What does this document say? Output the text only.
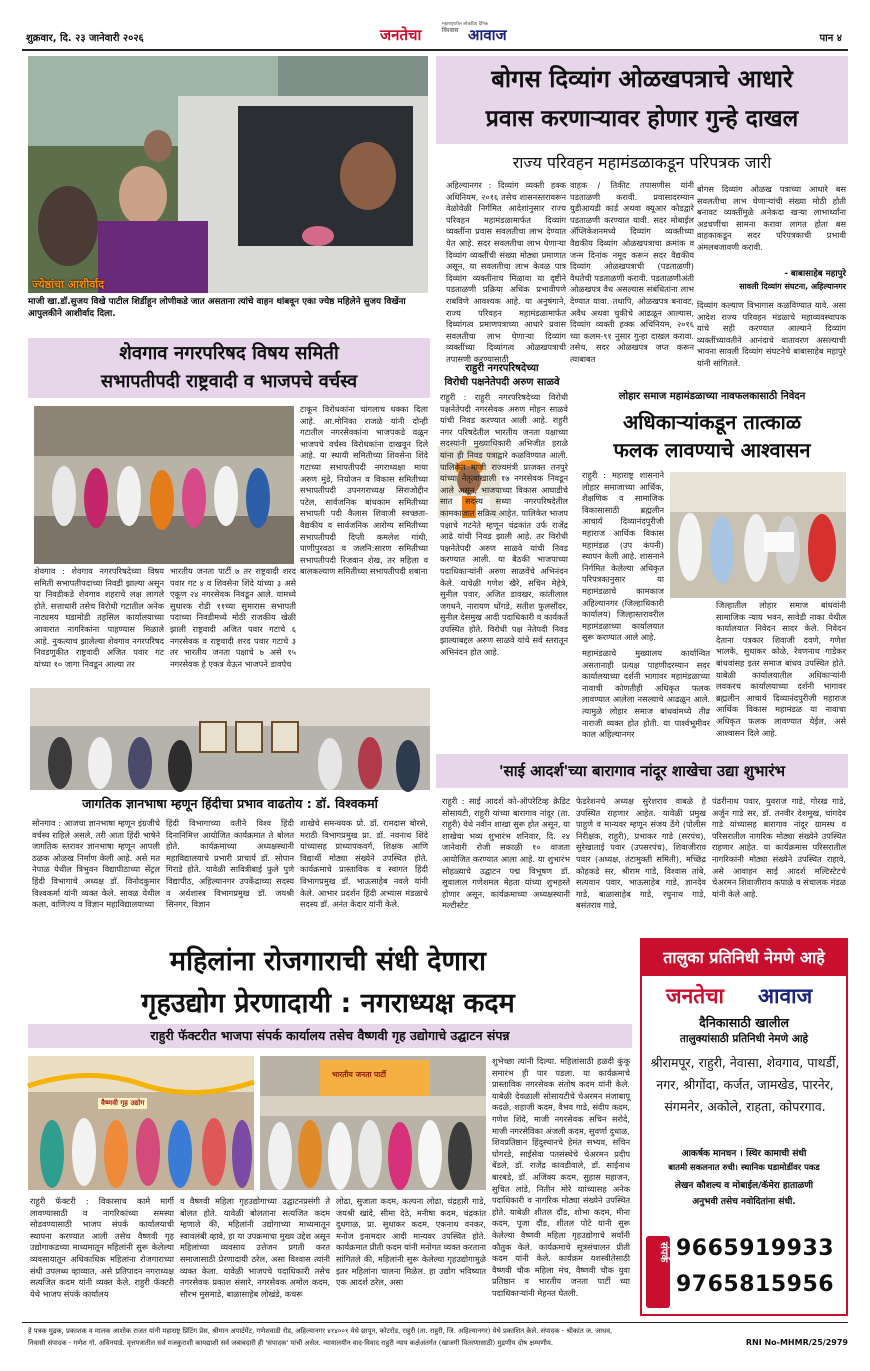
शुक्रवार, दि. २३ जानेवारी २०२६	जनतेचा	विश्वास आवाज
महाराष्ट्रातील लोकप्रिय दैनिक
पान ४
ज्येष्ठांचा आशीर्वाद
माजी खा.डॉ.सुजय विखे पाटील शिर्डीहून लोणीकडे जात असताना त्यांचे वाहन थांबवून एका ज्येष्ठ महिलेने सुजय विखेंना आपुलकीने आशीर्वाद दिला.
बोगस दिव्यांग ओळखपत्राचे आधारे
प्रवास करणाऱ्यावर होणार गुन्हे दाखल
राज्य परिवहन महामंडळाकडून परिपत्रक जारी
अहिल्यानगर : दिव्यांग व्यक्ती हक्क अधिनियम, २०१६ तसेच शासनस्तरावरून वेळोवेळी निर्गमित आदेशांनुसार राज्य परिवहन महामंडळामार्फत दिव्यांग व्यक्तींना प्रवास सवलतीचा लाभ देण्यात येत आहे. सदर सवलतीचा लाभ घेणाऱ्या दिव्यांग व्यक्तींची संख्या मोठ्या प्रमाणात असून, या सवलतीचा लाभ केवळ पात्र दिव्यांग व्यक्तींनाच मिळावा या दृष्टीने पडताळणी प्रक्रिया अधिक प्रभावीपणे राबविणे आवश्यक आहे. या अनुषंगाने, राज्य परिवहन महामंडळामार्फत दिव्यांगत्व प्रमाणपत्राच्या आधारे प्रवास सवलतीचा लाभ घेणाऱ्या दिव्यांग व्यक्तींच्या दिव्यांगत्व ओळखपत्राची तपासणी करण्यासाठी
वाहक / तिकीट तपासणीस यांनी पडताळणी करावी. प्रवासादरम्यान युडीआयडी कार्ड अथवा क्यूआर कोडद्वारे पडताळणी करण्यात यावी. सदर मोबाईल अ‍ॅप्लिकेशनमध्ये दिव्यांग व्यक्तीच्या वैद्यकीय दिव्यांग ओळखपत्राचा क्रमांक व जन्म दिनांक नमूद करून सदर वैद्यकीय दिव्यांग ओळखपत्राची (पडताळणी) वैधतेची पडताळणी करावी. पडताळणीअंती ओळखपत्र वैध असल्यास संबंधितांना लाभ देण्यात यावा. तथापि, ओळखपत्र बनावट, अवैध अथवा चुकीचे आढळून आल्यास, दिव्यांग व्यक्ती हक्क अधिनियम, २०१६ च्या कलम-९१ नुसार गुन्हा दाखल करावा. तसेच, सदर ओळखपत्र जप्त करून त्याबाबत
बोगस दिव्यांग ओळख पत्राच्या आधारे बस सवलतीचा लाभ घेणाऱ्यांची संख्या मोठी होती बनावट व्यक्तींमुळे अनेकदा खऱ्या लाभार्थ्यांना अडचणींचा सामना करावा लागत होता बस वाहकाकडून सदर परिपत्रकाची प्रभावी अंमलबजावणी करावी.
- बाबासाहेब महापुरे
सावली दिव्यांग संघटना, अहिल्यानगर
दिव्यांग कल्याण विभागास कळविण्यात यावे. असा आदेश राज्य परिवहन मंडळाचे महाव्यवस्थापक यांचे सही करण्यात आल्याने दिव्यांग व्यक्तींच्यावतीने आनंदाचे वातावरण असल्याची भावना सावली दिव्यांग संघटनेचे बाबासाहेब महापुरे यांनी सांगितले.
शेवगाव नगरपरिषद विषय समिती
सभापतीपदी राष्ट्रवादी व भाजपचे वर्चस्व
टाकून विरोधकांना चांगलाच धक्का दिला आहे. आ.मोनिका राजळे यांनी दोन्ही गटातील नगरसेवकांना भाजपकडे वळून भाजपचे वर्चस्व विरोधकांना दाखवून दिले आहे. या स्थायी समितीच्या शिवसेना शिंदे गटाच्या सभापतीपदी नगराध्यक्षा माया अरुण मुंडे, नियोजन व विकास समितीच्या सभापतीपदी उपनगराध्यक्ष सिराजोद्दीन पटेल, सार्वजनिक बांधकाम समितीच्या सभापती पदी कैलास शिवाजी स्वच्छता-वैद्यकीय व सार्वजनिक आरोग्य समितीच्या सभापतीपदी दिप्ती कमलेश गांधी, पाणीपुरवठा व जलनि:सारण समितीच्या सभापतीपदी रिजवान शेख, तर महिला व बालकल्याण समितीच्या सभापतीपदी शबाना
शेवगाव : शेवगाव नगरपरिषदेच्या विषय समिती सभापतीपदाच्या निवडी झाल्या असून या निवडीकडे शेवगाव शहराचे लक्ष लागले होते. सत्ताधारी तसेच विरोधी गटातील अनेक नाट्यमय घडामोडी तहसिल कार्यालयाच्या आवारात नागरिकांना पाहण्यास मिळाले आहे. नुकत्याच झालेल्या शेवगाव नगरपरिषद निवडणुकीत राष्ट्रवादी अजित पवार गट यांच्या १० जागा निवडून आल्या तर
भारतीय जनता पार्टी ७ तर राष्ट्रवादी शरद पवार गट ४ व शिवसेना शिंदे यांच्या ३ असे एकूण २४ नगरसेवक निवडून आले. यामध्ये सुधारक रोडी ११च्या सुमारास सभापती पदाच्या निवडीमध्ये मोठी राजकीय खेळी झाली राष्ट्रवादी अजित पवार गटाचे ६ नगरसेवक व राष्ट्रवादी शरद पवार गटाचे ३ तर भारतीय जनता पक्षाचे ७ असे १५ नगरसेवक हे एकत्र येऊन भाजपने डावपेच
राहुरी नगरपरिषदेच्या
विरोधी पक्षनेतेपदी अरुण साळवे
राहुरी : राहुरी नगरपरिषदेच्या विरोधी पक्षनेतेपदी नगरसेवक अरुण मोहन साळवे यांची निवड करण्यात आली आहे. राहुरी नगर परिषदेतील भारतीय जनता पक्षाच्या सदस्यांनी मुख्याधिकारी अभिजीत हराळे यांना ही निवड पत्राद्वारे कळविण्यात आली. पालिकेत माजी राज्यमंत्री प्राजक्त तनपुरे यांच्या नेतृत्वाखाली १७ नगरसेवक निवडून आले असून, भाजपाच्या विकास आघाडीचे सात सदस्य सध्या नगरपरिषदेतील कामकाजात सक्रिय आहेत. पालिकेत भाजप पक्षाचे गटनेते म्हणून चंद्रकांत उर्फ राजेंद्र आढे यांची निवड झाली आहे. तर विरोधी पक्षनेतेपदी अरुण साळवे यांची निवड करण्यात आली. या बैठकी भाजपाच्या पदाधिकाऱ्यांनी अरुण साळवेंचे अभिनंदन केले. याचेळी गणेश खैरे, सचिन मेहेत्रे, सुनील पवार, अजित डावखर, कांतीलाल जगधने, नारायण धोंगडे, सतीश फुलसौंदर, सुनील देसमुख आदी पदाधिकारी व कार्यकर्ते उपस्थित होते. विरोधी पक्ष नेतेपदी निवड झाल्याबद्दल अरुण साळवे यांचे सर्व स्तरातून अभिनंदन होत आहे.
लोहार समाज महामंडळाच्या नावफलकासाठी निवेदन
अधिकाऱ्यांकडून तात्काळ
फलक लावण्याचे आश्वासन
राहुरी : महाराष्ट्र शासनाने लोहार समाजाच्या आर्थिक, शैक्षणिक व सामाजिक विकासासाठी ब्रह्मलीन आचार्य दिव्यानंदपुरीजी महाराज आर्थिक विकास महामंडळ (उप कंपनी) स्थापन केली आहे. शासनाने निर्गमित केलेल्या अधिकृत परिपत्रकानुसार या महामंडळाचे कामकाज अहिल्यानगर (जिल्हाधिकारी कार्यालय) जिल्हास्तरावरील महामंडळाच्या कार्यालयात सुरू करण्यात आले आहे.
महामंडळाचे मुख्यालय कार्यान्वित असतानाही प्रत्यक्ष पाहणीदरम्यान सदर कार्यालयाच्या दर्शनी भागावर महामंडळाच्या नावाची कोणतीही अधिकृत फलक लावण्यात आलेला नसल्याचे आढळून आले. त्यामुळे लोहार समाज बांधवांमध्ये तीव्र नाराजी व्यक्त होत होती. या पार्श्वभूमीवर काल अहिल्यानगर
जिल्हातील लोहार समाज बांधवांनी सामाजिक न्याय भवन, सावेडी नाका येथील कार्यालयात निवेदन सादर केले. निवेदन देताना पत्रकार शिवाजी दवणे, गणेश भालके, सुधाकर कोळे, रेवणनाथ गाडेकर बांधवांसह इतर समाज बांधव उपस्थित होते. याबेळी कार्यालयातील अधिकाऱ्यांनी लवकरच कार्यालयाच्या दर्शनी भागावर ब्रह्मलीन आचार्य दिव्यानंदपुरीजी महाराज आर्थिक विकास महामंडळ या नावाचा अधिकृत फलक लावण्यात येईल, असे आश्वासन दिले आहे.
जागतिक ज्ञानभाषा म्हणून हिंदीचा प्रभाव वाढतोय : डॉ. विश्वकर्मा
सोनगाव : आजचा ज्ञानभाषा म्हणून इंग्रजीचे वर्चस्व राहिले असले, तरी आता हिंदी भाषेने जागतिक स्तरावर ज्ञानभाषा म्हणून आपली ठळक ओळख निर्माण केली आहे. असे मत नेपाळ येथील त्रिभुवन विद्यापीठाच्या सेंट्रल हिंदी विभागाचे अध्यक्ष डॉ. विनोदकुमार विश्वकर्मा यांनी व्यक्त केले. सावळ येथील कला, वाणिज्य व विज्ञान महाविद्यालयाच्या
हिंदी विभागाच्या वतीने विश्व हिंदी दिनानिमित्त आयोजित कार्यक्रमात ते बोलत होते. कार्यक्रमाच्या अध्यक्षस्थानी महाविद्यालयाचे प्रभारी प्राचार्य डॉ. सोपान गिराडे होते. यावेळी सावित्रीबाई फुले पुणे विद्यापीठ, अहिल्यानगर उपकेंद्राच्या सदस्य व अर्थशास्त्र विभागप्रमुख डॉ. जयश्री सिनगर, विज्ञान
शाखेचे समन्वयक प्रो. डॉ. रामदास बोरसे, मराठी विभागप्रमुख प्रा. डॉ. नवनाथ शिंदे यांच्यासह प्राध्यापकवर्ग, शिक्षक आणि विद्यार्थी मोठ्या संख्येने उपस्थित होते. कार्यक्रमाचे प्रास्ताविक व स्वागत हिंदी विभागप्रमुख डॉ. भाऊसाहेब नवले यांनी केले. आभार प्रदर्शन हिंदी अभ्यास मंडळाचे सदस्य डॉ. अनंत केदार यांनी केले.
'साई आदर्श'च्या बारागाव नांदूर शाखेचा उद्या शुभारंभ
राहुरी : साई आदर्श को-ऑपरेटिव्ह क्रेडिट सोसायटी, राहुरी यांच्या बारागाव नांदूर (ता. राहुरी) येथे नवीन शाखा सुरू होत असून, या शाखेचा भव्य शुभारंभ शनिवार, दि. २४ जानेवारी रोजी सकाळी १० वाजता आयोजित करण्यात आला आहे. या शुभारंभ सोहळ्याचे उद्घाटन पद्म विभूषण डॉ. सुवालाल गणेशमल मेहता यांच्या शुभहस्ते होणार असून, कार्यक्रमाच्या अध्यक्षस्थानी मल्टीस्टेट
फेडरेशनचे अध्यक्ष सुरेशराव वाबळे हे उपस्थित राहणार आहेत. यावेळी प्रमुख पाहुणे व मान्यवर म्हणून संजय ठेंगे (पोलीस निरीक्षक, राहुरी), प्रभाकर गाडे (सरपंच), सुरेखाताई पवार (उपसरपंच), शिवाजीराव पवार (अध्यक्ष, तंटामुक्ती समिती), मच्छिंद्र कोहकडे सर, श्रीराम गाडे, विश्वास तांबे, सत्यवान पवार, भाऊसाहेब गाडे, ज्ञानदेव गाडे, बाळासाहेब गाडे, रघुनाथ गाडे, बसंतराव गाडे,
पंढरीनाथ पवार, युवराज गाडे, गोरख गाडे, अर्जुन गाडे सर, डॉ. तनवीर देशमुख, चांगदेव गाडे यांच्यासह बारागाव नांदूर ग्रामस्थ व परिसरातील नागरिक मोठ्या संख्येने उपस्थित राहणार आहेत. या कार्यक्रमास परिसरातील नागरिकांनी मोठ्या संख्येने उपस्थित राहावे, असे आवाहन साई आदर्श मल्टिस्टेटचे चेअरमन शिवाजीराव कपाळे व संचालक मंडळ यांनी केले आहे.
महिलांना रोजगाराची संधी देणारा
गृहउद्योग प्रेरणादायी : नगराध्यक्ष कदम
राहुरी फॅक्टरीत भाजपा संपर्क कार्यालय तसेच वैष्णवी गृह उद्योगाचे उद्घाटन संपन्न
वैष्णवी गृह उद्योग
भारतीय जनता पार्टी
राहुरी फॅक्टरी : विकासाच कामे मार्गी लावण्यासाठी व नागरिकांच्या समस्या सोडवण्यासाठी भाजप संपर्क कार्यालयाची स्थापना करण्यात आली तसेच वैष्णवी गृह उद्योगाकडच्या माध्यमातून महिलांनी सुरू केलेल्या व्यवसायातून अधिकाधिक महिलांना रोजगाराच्या संधी उपलब्ध व्हाव्यात, असे प्रतिपादन नगराध्यक्ष सत्यजित कदम यांनी व्यक्त केले. राहुरी फॅक्टरी येथे भाजप संपर्क कार्यालय
व वैष्णवी महिला गृहउद्योगाच्या उद्घाटनप्रसंगी ते बोलत होते. यावेळी बोलताना सत्यजित कदम म्हणाले की, महिलांनी उद्योगाच्या माध्यमातून स्वावलंबी व्हावे, हा या उपक्रमाचा मुख्य उद्देश असून महिलांच्या व्यवसाय उत्तेजन प्रगती करत समाजासाठी प्रेरणादायी ठरेल, असा विश्वास त्यांनी व्यक्त केला. यावेळी भाजपचे पदाधिकारी तसेच नगरसेवक प्रकाश संसारे, नगरसेवक अमोल कदम, सौरभ मुसमाडे, बाळासाहेब लोखंडे, कचरू
लोढा, सुजाता कदम, कल्पना लोढा, चंद्रहारी गाडे, जयश्री खांदे, सीमा देठे, मनीषा कदम, चंद्रकांत दुधगाळ, प्रा. सुधाकर कदम, एकनाथ वनकर, मनोज इनामदार आदी मान्यवर उपस्थित होते. कार्यक्रमात प्रीती कदम यांनी मनोगत व्यक्त करताना सांगितले की, महिलांनी सुरू केलेल्या गृहउद्योगामुळे इतर महिलांना चालना मिळेल. हा उद्योग भविष्यात एक आदर्श ठरेल, असा
शुभेच्छा त्यांनी दिल्या. महिलांसाठी हळदी कुंकू समारंभ ही पार पडला. या कार्यक्रमाचे प्रास्ताविक नगरसेवक संतोष कदम यांनी केले. याबेळी देवळाली सोसायटीचे चेअरमन मंजाबापू कदळे, शहाजी कदम, वैभव गाडे, संदीप कदम, गणेश शिंदे, माजी नगरसेवक सचिन सरोदे, माजी नगरसेविका अंजली कदम, सुवर्णा दुधाळ, शिवप्रतिष्ठान हिंदुस्थानचे हेमंत सभ्यव, सचिन घोगरडे, साईसेवा पतसंस्थेचे चेअरमन प्रदीप बेंडले, डॉ. राजेंद्र कावडीवाले, डॉ. साईनाथ बारबडे, डॉ. अजिंक्य कदम, सुहास महाजन, सुचित लांडे, नितीन मोरे याांच्यासह अनेक पदाधिकारी व नागरिक मोठ्या संख्येने उपस्थित होते. याबेळी शीतल दौंड, शोभा कदम, मीना कदम, पूजा दौंड, शीतल पोटे यांनी सुरू केलेल्या वैष्णवी महिला गृहउद्योगाचे सर्वांनी कौतुक केले. कार्यक्रमाचे सूत्रसंचालन प्रीती कदम यांनी केले. कार्यक्रम यशस्वीतेसाठी वैष्णवी चौक महिला मंच, वैष्णवी चौक युवा प्रतिष्ठान व भारतीय जनता पार्टी च्या पदाधिकाऱ्यांनी मेहनत घेतली.
तालुका प्रतिनिधी नेमणे आहे
जनतेचा आवाज
दैनिकासाठी खालील
तालुक्यांसाठी प्रतिनिधी नेमणे आहे
श्रीरामपूर, राहुरी, नेवासा, शेवगाव, पाथर्डी, नगर, श्रीगोंदा, कर्जत, जामखेड, पारनेर, संगमनेर, अकोले, राहता, कोपरगाव.
आकर्षक मानधन । स्थिर कामाची संधी
बातमी सकलनात रुची। स्थानिक घडामोडींवर पकड
लेखन कौशल्य व मोबाईल/कॅमेरा हाताळणी
अनुभवी तसेच नवोदितांना संधी.
संपर्क 9665919933
9765815956
हे पत्रक मुद्रक, प्रकाशक व मालक आशोक राजत यांनी महाराष्ट्र प्रिंटिंग प्रेस, श्रीमान अपार्टमेंट, गणेशवाडी रोड, अहिल्यानगर ४१४००१ येथे छापून, कोटरोड, राहुरी (ता. राहुरी, जि. अहिल्यानगर) येथे प्रकाशित केले. संपादक - श्रीकांत ज. जाधव,
निवासी संपादक - गणेश गो. अविनयाडे. वृत्तपत्रातील सर्व मजकुराशी कायद्याशी सर्व जबाबदारी ही 'संपादक' यांची असेल. न्यायालयीन वाद-विवाद राहुरी न्याय कक्षेअंतर्गत (खाजगी वितरणासाठी) मुद्रणीय दोष क्षम्यणीय.	RNI No-MHMR/25/2979
